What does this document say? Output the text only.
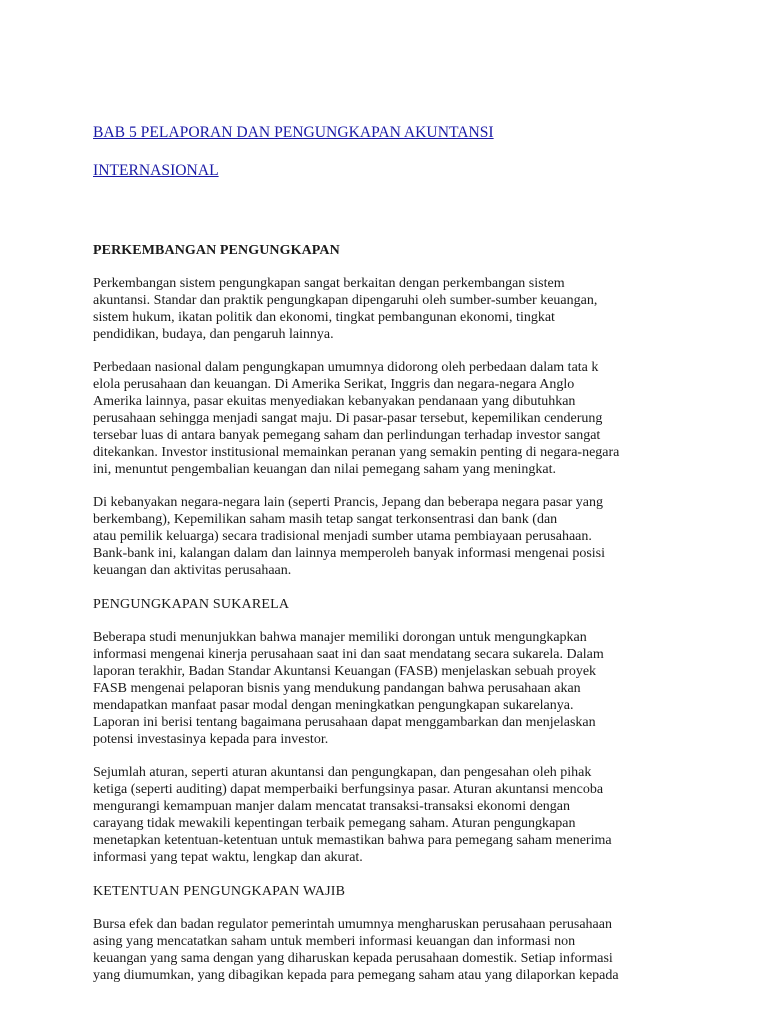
BAB 5 PELAPORAN DAN PENGUNGKAPAN AKUNTANSI

INTERNASIONAL

PERKEMBANGAN PENGUNGKAPAN

Perkembangan sistem pengungkapan sangat berkaitan dengan perkembangan sistem
akuntansi. Standar dan praktik pengungkapan dipengaruhi oleh sumber-sumber keuangan,
sistem hukum, ikatan politik dan ekonomi, tingkat pembangunan ekonomi, tingkat
pendidikan, budaya, dan pengaruh lainnya.

Perbedaan nasional dalam pengungkapan umumnya didorong oleh perbedaan dalam tata k
elola perusahaan dan keuangan. Di Amerika Serikat, Inggris dan negara-negara Anglo
Amerika lainnya, pasar ekuitas menyediakan kebanyakan pendanaan yang dibutuhkan
perusahaan sehingga menjadi sangat maju. Di pasar-pasar tersebut, kepemilikan cenderung
tersebar luas di antara banyak pemegang saham dan perlindungan terhadap investor sangat
ditekankan. Investor institusional memainkan peranan yang semakin penting di negara-negara
ini, menuntut pengembalian keuangan dan nilai pemegang saham yang meningkat.

Di kebanyakan negara-negara lain (seperti Prancis, Jepang dan beberapa negara pasar yang
berkembang), Kepemilikan saham masih tetap sangat terkonsentrasi dan bank (dan
atau pemilik keluarga) secara tradisional menjadi sumber utama pembiayaan perusahaan.
Bank-bank ini, kalangan dalam dan lainnya memperoleh banyak informasi mengenai posisi
keuangan dan aktivitas perusahaan.

PENGUNGKAPAN SUKARELA

Beberapa studi menunjukkan bahwa manajer memiliki dorongan untuk mengungkapkan
informasi mengenai kinerja perusahaan saat ini dan saat mendatang secara sukarela. Dalam
laporan terakhir, Badan Standar Akuntansi Keuangan (FASB) menjelaskan sebuah proyek
FASB mengenai pelaporan bisnis yang mendukung pandangan bahwa perusahaan akan
mendapatkan manfaat pasar modal dengan meningkatkan pengungkapan sukarelanya.
Laporan ini berisi tentang bagaimana perusahaan dapat menggambarkan dan menjelaskan
potensi investasinya kepada para investor.

Sejumlah aturan, seperti aturan akuntansi dan pengungkapan, dan pengesahan oleh pihak
ketiga (seperti auditing) dapat memperbaiki berfungsinya pasar. Aturan akuntansi mencoba
mengurangi kemampuan manjer dalam mencatat transaksi-transaksi ekonomi dengan
carayang tidak mewakili kepentingan terbaik pemegang saham. Aturan pengungkapan
menetapkan ketentuan-ketentuan untuk memastikan bahwa para pemegang saham menerima
informasi yang tepat waktu, lengkap dan akurat.

KETENTUAN PENGUNGKAPAN WAJIB

Bursa efek dan badan regulator pemerintah umumnya mengharuskan perusahaan perusahaan
asing yang mencatatkan saham untuk memberi informasi keuangan dan informasi non
keuangan yang sama dengan yang diharuskan kepada perusahaan domestik. Setiap informasi
yang diumumkan, yang dibagikan kepada para pemegang saham atau yang dilaporkan kepada
